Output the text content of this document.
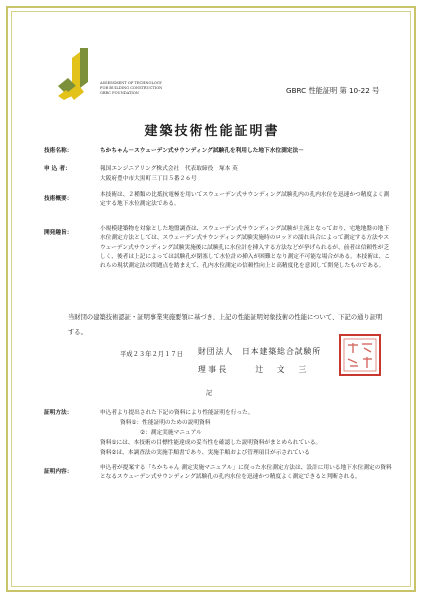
ASSESSMENT OF TECHNOLOGY
FOR BUILDING CONSTRUCTION
GBRC FOUNDATION	GBRC 性能証明 第 10-22 号
建築技術性能証明書
技術名称：	ちかちゃん－スウェーデン式サウンディング試験孔を利用した地下水位測定法－
申 込 者：	報国エンジニアリング株式会社　代表取締役　塚本 英
大阪府豊中市大黒町三丁目５番２６号
技術概要：
本技術は、２種類の比抵抗電極を用いてスウェーデン式サウンディング試験孔内の孔内水位を迅速かつ精度よく測定する地下水位測定法である。
開発趣旨：
小規模建築物を対象とした地盤調査は、スウェーデン式サウンディング試験が主流となっており、宅地地盤の地下水位測定方法としては、スウェーデン式サウンディング試験実施時のロッドの濡れ具合によって測定する方法やスウェーデン式サウンディング試験実施後に試験孔に水位計を挿入する方法などが挙げられるが、前者は信頼性が乏しく、後者は上記によっては試験孔が閉塞して水位計の挿入が困難となり測定不可能な場合がある。本技術は、これらの現状測定法の問題点を踏まえて、孔内水位測定の信頼性向上と高精度化を意図して開発したものである。
当財団の建築技術認証・証明事業実施要領に基づき、上記の性能証明対象技術の性能について、下記の通り証明する。
平成２３年２月１７日 財団法人　日本建築総合試験所
理 事 長	辻　文　三
記
証明方法：	申込者より提出された下記の資料により性能証明を行った。
資料①：性能証明のための説明資料
②：測定実施マニュアル
資料①には、本技術の目標性能達成の妥当性を確認した説明資料がまとめられている。
資料②は、本調査法の実施手順書であり、実施手順および管理項目が示されている
証明内容：
申込者が提案する「ちかちゃん 測定実施マニュアル」に従った水位測定方法は、設計に用いる地下水位測定の資料となるスウェーデン式サウンディング試験孔の孔内水位を迅速かつ精度よく測定できると判断される。
